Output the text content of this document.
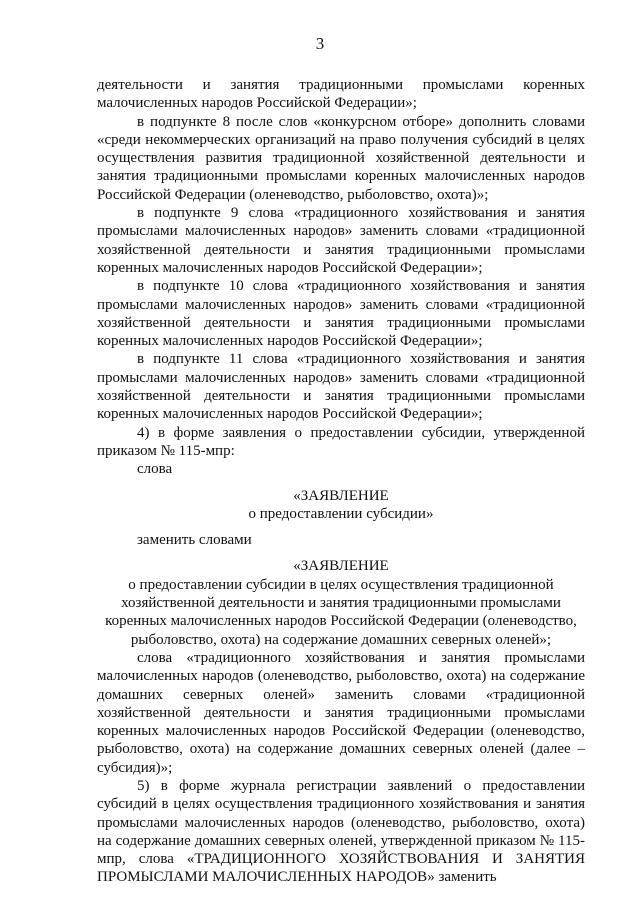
3

деятельности и занятия традиционными промыслами коренных малочисленных народов Российской Федерации»;

в подпункте 8 после слов «конкурсном отборе» дополнить словами «среди некоммерческих организаций на право получения субсидий в целях осуществления развития традиционной хозяйственной деятельности и занятия традиционными промыслами коренных малочисленных народов Российской Федерации (оленеводство, рыболовство, охота)»;

в подпункте 9 слова «традиционного хозяйствования и занятия промыслами малочисленных народов» заменить словами «традиционной хозяйственной деятельности и занятия традиционными промыслами коренных малочисленных народов Российской Федерации»;

в подпункте 10 слова «традиционного хозяйствования и занятия промыслами малочисленных народов» заменить словами «традиционной хозяйственной деятельности и занятия традиционными промыслами коренных малочисленных народов Российской Федерации»;

в подпункте 11 слова «традиционного хозяйствования и занятия промыслами малочисленных народов» заменить словами «традиционной хозяйственной деятельности и занятия традиционными промыслами коренных малочисленных народов Российской Федерации»;

4) в форме заявления о предоставлении субсидии, утвержденной приказом № 115-мпр:

слова

«ЗАЯВЛЕНИЕ

о предоставлении субсидии»

заменить словами

«ЗАЯВЛЕНИЕ

о предоставлении субсидии в целях осуществления традиционной хозяйственной деятельности и занятия традиционными промыслами коренных малочисленных народов Российской Федерации (оленеводство, рыболовство, охота) на содержание домашних северных оленей»;

слова «традиционного хозяйствования и занятия промыслами малочисленных народов (оленеводство, рыболовство, охота) на содержание домашних северных оленей» заменить словами «традиционной хозяйственной деятельности и занятия традиционными промыслами коренных малочисленных народов Российской Федерации (оленеводство, рыболовство, охота) на содержание домашних северных оленей (далее – субсидия)»;

5) в форме журнала регистрации заявлений о предоставлении субсидий в целях осуществления традиционного хозяйствования и занятия промыслами малочисленных народов (оленеводство, рыболовство, охота) на содержание домашних северных оленей, утвержденной приказом № 115-мпр, слова «ТРАДИЦИОННОГО ХОЗЯЙСТВОВАНИЯ И ЗАНЯТИЯ ПРОМЫСЛАМИ МАЛОЧИСЛЕННЫХ НАРОДОВ» заменить
